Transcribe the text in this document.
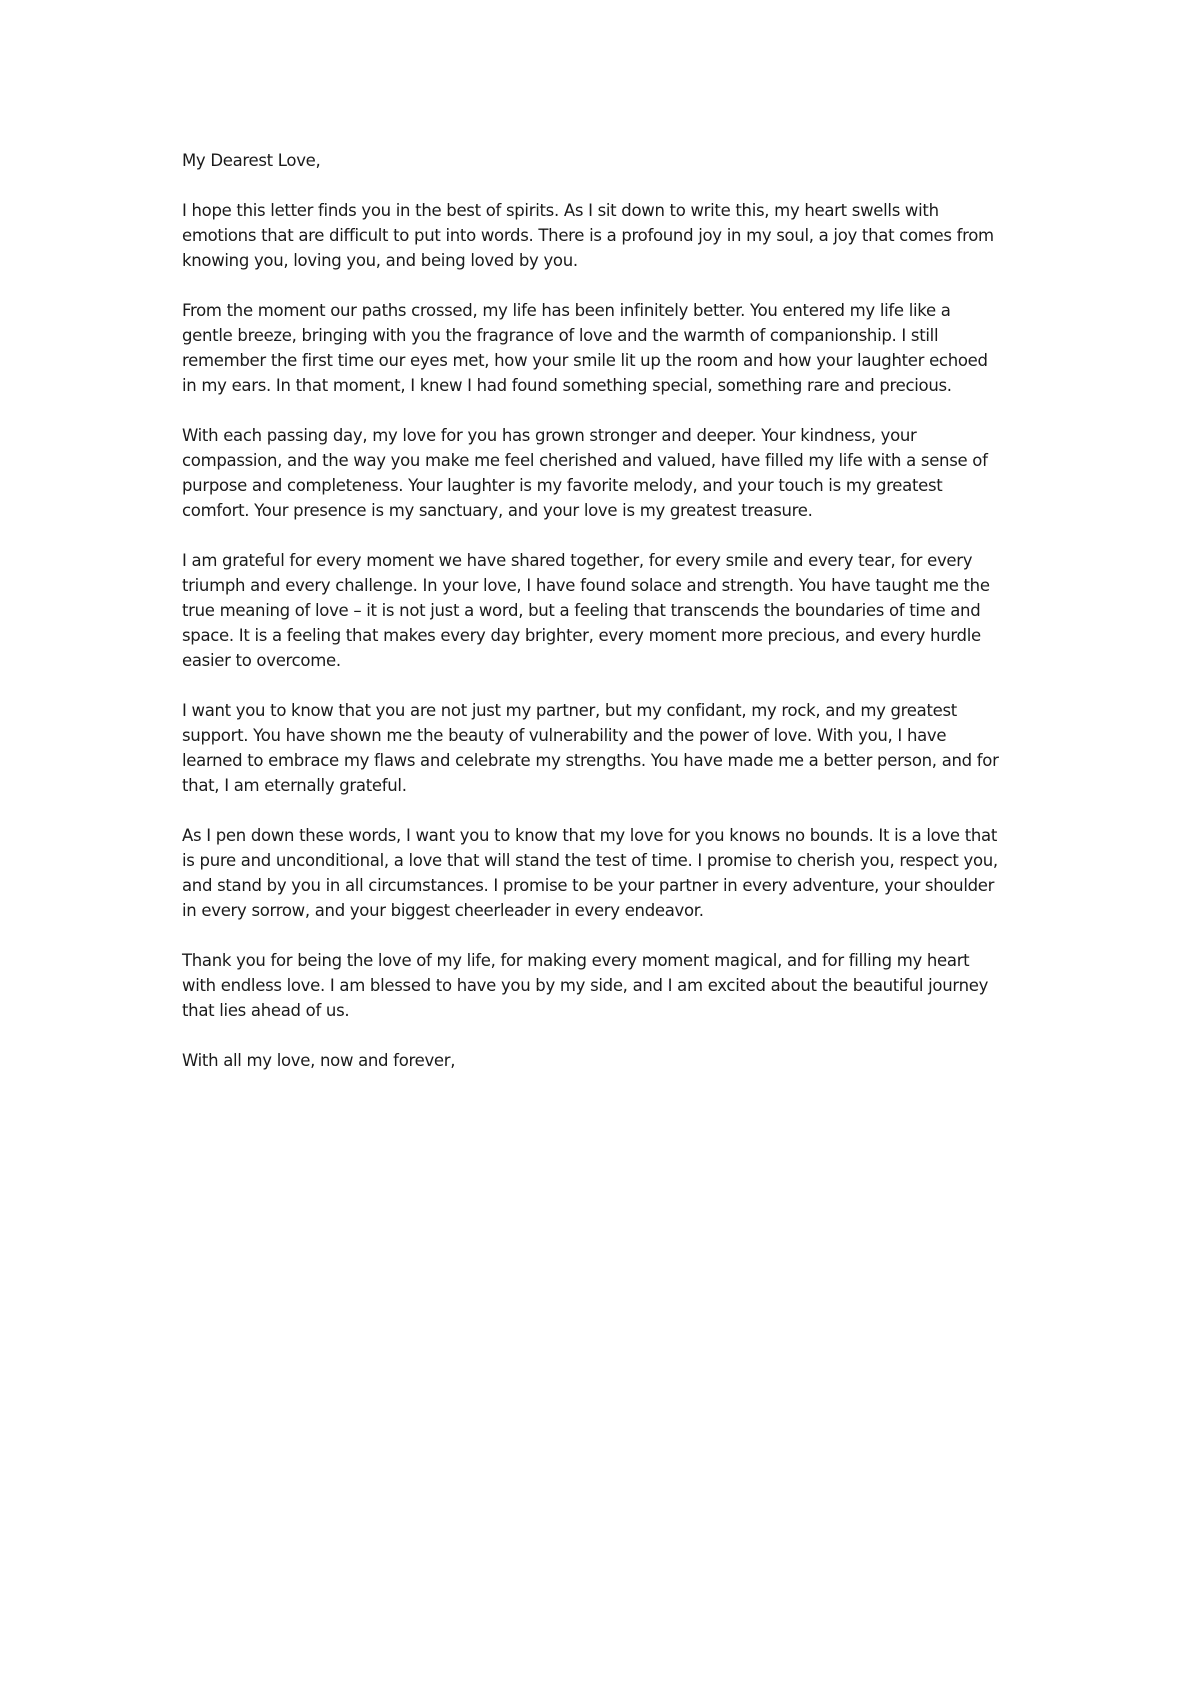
My Dearest Love,

I hope this letter finds you in the best of spirits. As I sit down to write this, my heart swells with
emotions that are difficult to put into words. There is a profound joy in my soul, a joy that comes from
knowing you, loving you, and being loved by you.

From the moment our paths crossed, my life has been infinitely better. You entered my life like a
gentle breeze, bringing with you the fragrance of love and the warmth of companionship. I still
remember the first time our eyes met, how your smile lit up the room and how your laughter echoed
in my ears. In that moment, I knew I had found something special, something rare and precious.

With each passing day, my love for you has grown stronger and deeper. Your kindness, your
compassion, and the way you make me feel cherished and valued, have filled my life with a sense of
purpose and completeness. Your laughter is my favorite melody, and your touch is my greatest
comfort. Your presence is my sanctuary, and your love is my greatest treasure.

I am grateful for every moment we have shared together, for every smile and every tear, for every
triumph and every challenge. In your love, I have found solace and strength. You have taught me the
true meaning of love – it is not just a word, but a feeling that transcends the boundaries of time and
space. It is a feeling that makes every day brighter, every moment more precious, and every hurdle
easier to overcome.

I want you to know that you are not just my partner, but my confidant, my rock, and my greatest
support. You have shown me the beauty of vulnerability and the power of love. With you, I have
learned to embrace my flaws and celebrate my strengths. You have made me a better person, and for
that, I am eternally grateful.

As I pen down these words, I want you to know that my love for you knows no bounds. It is a love that
is pure and unconditional, a love that will stand the test of time. I promise to cherish you, respect you,
and stand by you in all circumstances. I promise to be your partner in every adventure, your shoulder
in every sorrow, and your biggest cheerleader in every endeavor.

Thank you for being the love of my life, for making every moment magical, and for filling my heart
with endless love. I am blessed to have you by my side, and I am excited about the beautiful journey
that lies ahead of us.

With all my love, now and forever,
